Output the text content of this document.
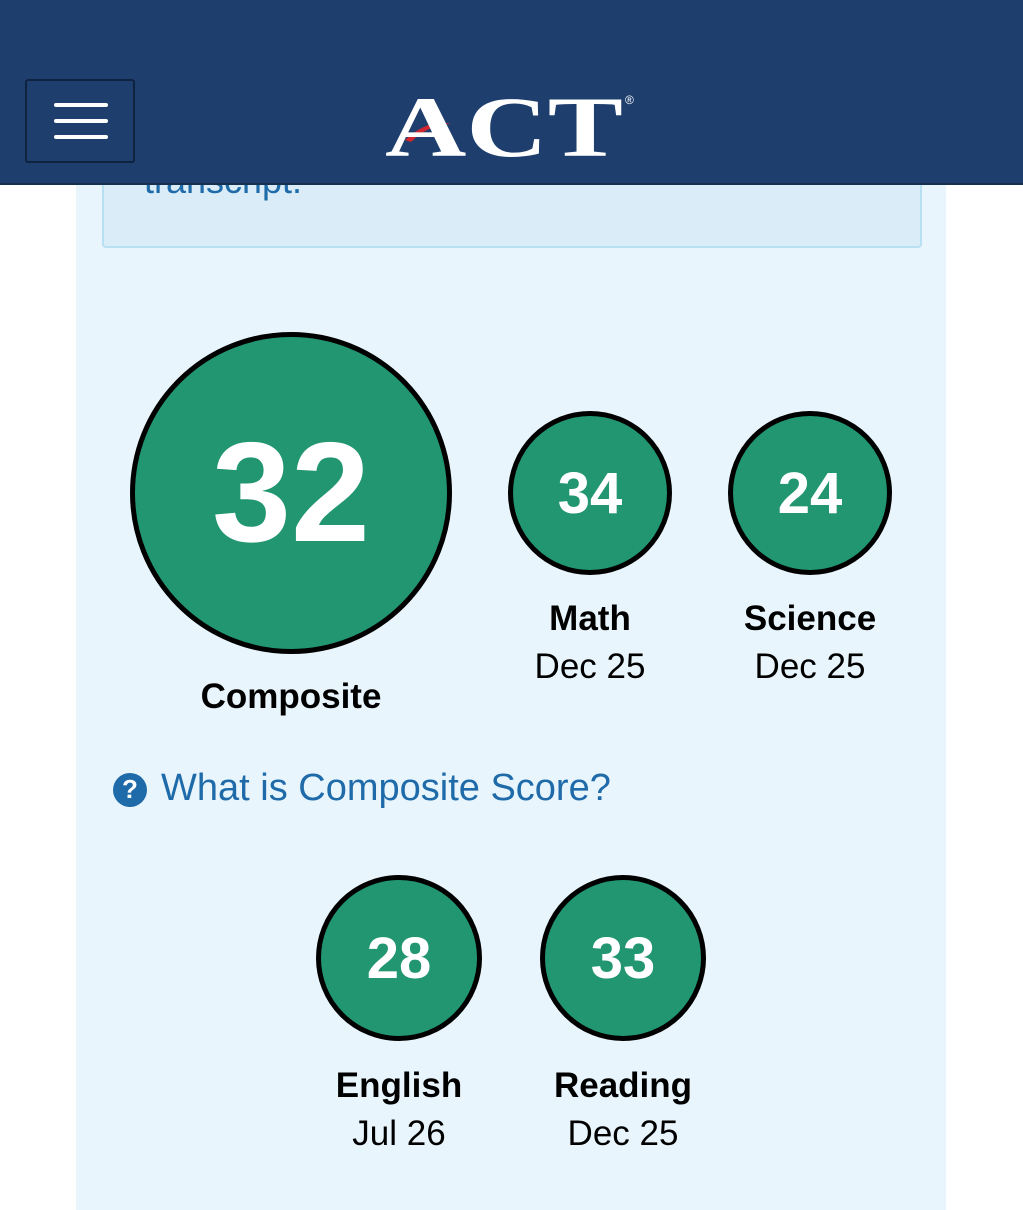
ACT ®
32
Composite
34
Math
Dec 25
24
Science
Dec 25
? What is Composite Score?
28
English
Jul 26
33
Reading
Dec 25
